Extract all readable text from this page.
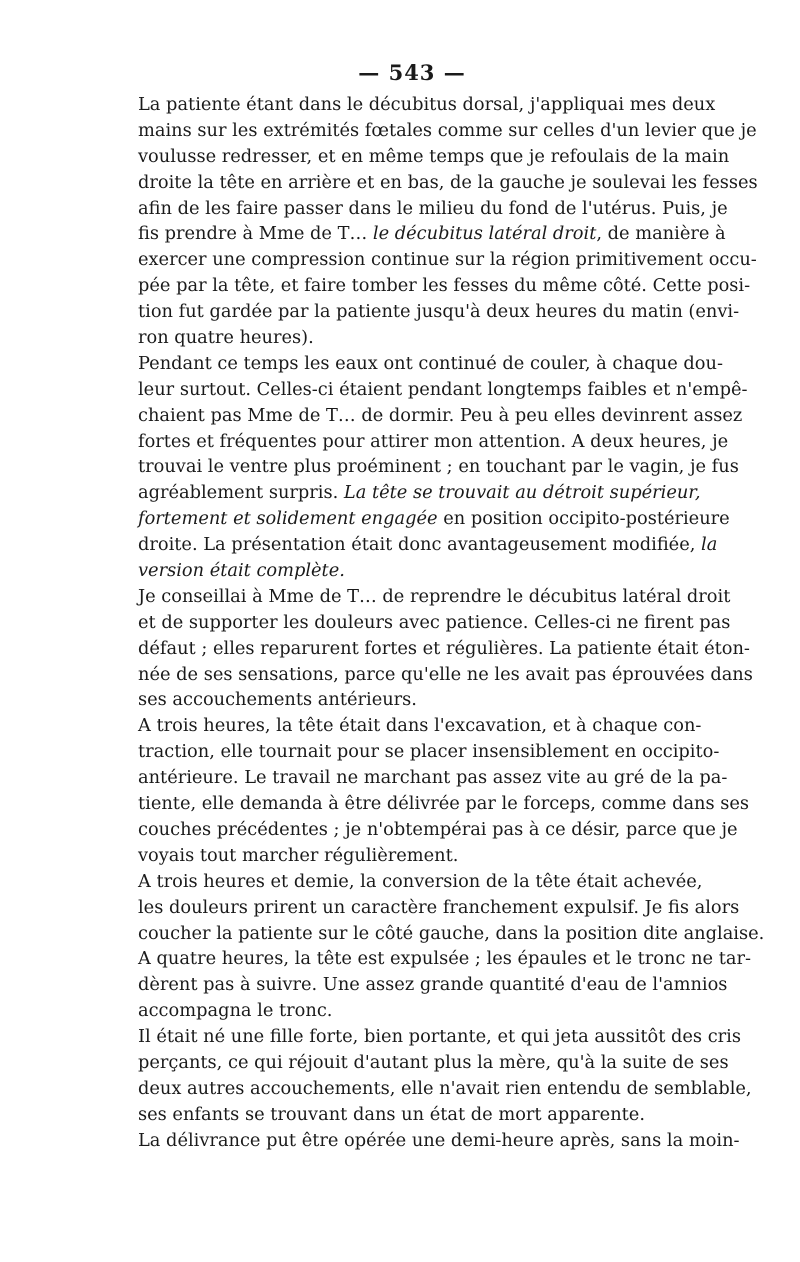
— 543 —
La patiente étant dans le décubitus dorsal, j'appliquai mes deux
mains sur les extrémités fœtales comme sur celles d'un levier que je
voulusse redresser, et en même temps que je refoulais de la main
droite la tête en arrière et en bas, de la gauche je soulevai les fesses
afin de les faire passer dans le milieu du fond de l'utérus. Puis, je
fis prendre à Mme de T… le décubitus latéral droit, de manière à
exercer une compression continue sur la région primitivement occu-
pée par la tête, et faire tomber les fesses du même côté. Cette posi-
tion fut gardée par la patiente jusqu'à deux heures du matin (envi-
ron quatre heures).
Pendant ce temps les eaux ont continué de couler, à chaque dou-
leur surtout. Celles-ci étaient pendant longtemps faibles et n'empê-
chaient pas Mme de T… de dormir. Peu à peu elles devinrent assez
fortes et fréquentes pour attirer mon attention. A deux heures, je
trouvai le ventre plus proéminent ; en touchant par le vagin, je fus
agréablement surpris. La tête se trouvait au détroit supérieur,
fortement et solidement engagée en position occipito-postérieure
droite. La présentation était donc avantageusement modifiée, la
version était complète.
Je conseillai à Mme de T… de reprendre le décubitus latéral droit
et de supporter les douleurs avec patience. Celles-ci ne firent pas
défaut ; elles reparurent fortes et régulières. La patiente était éton-
née de ses sensations, parce qu'elle ne les avait pas éprouvées dans
ses accouchements antérieurs.
A trois heures, la tête était dans l'excavation, et à chaque con-
traction, elle tournait pour se placer insensiblement en occipito-
antérieure. Le travail ne marchant pas assez vite au gré de la pa-
tiente, elle demanda à être délivrée par le forceps, comme dans ses
couches précédentes ; je n'obtempérai pas à ce désir, parce que je
voyais tout marcher régulièrement.
A trois heures et demie, la conversion de la tête était achevée,
les douleurs prirent un caractère franchement expulsif. Je fis alors
coucher la patiente sur le côté gauche, dans la position dite anglaise.
A quatre heures, la tête est expulsée ; les épaules et le tronc ne tar-
dèrent pas à suivre. Une assez grande quantité d'eau de l'amnios
accompagna le tronc.
Il était né une fille forte, bien portante, et qui jeta aussitôt des cris
perçants, ce qui réjouit d'autant plus la mère, qu'à la suite de ses
deux autres accouchements, elle n'avait rien entendu de semblable,
ses enfants se trouvant dans un état de mort apparente.
La délivrance put être opérée une demi-heure après, sans la moin-
